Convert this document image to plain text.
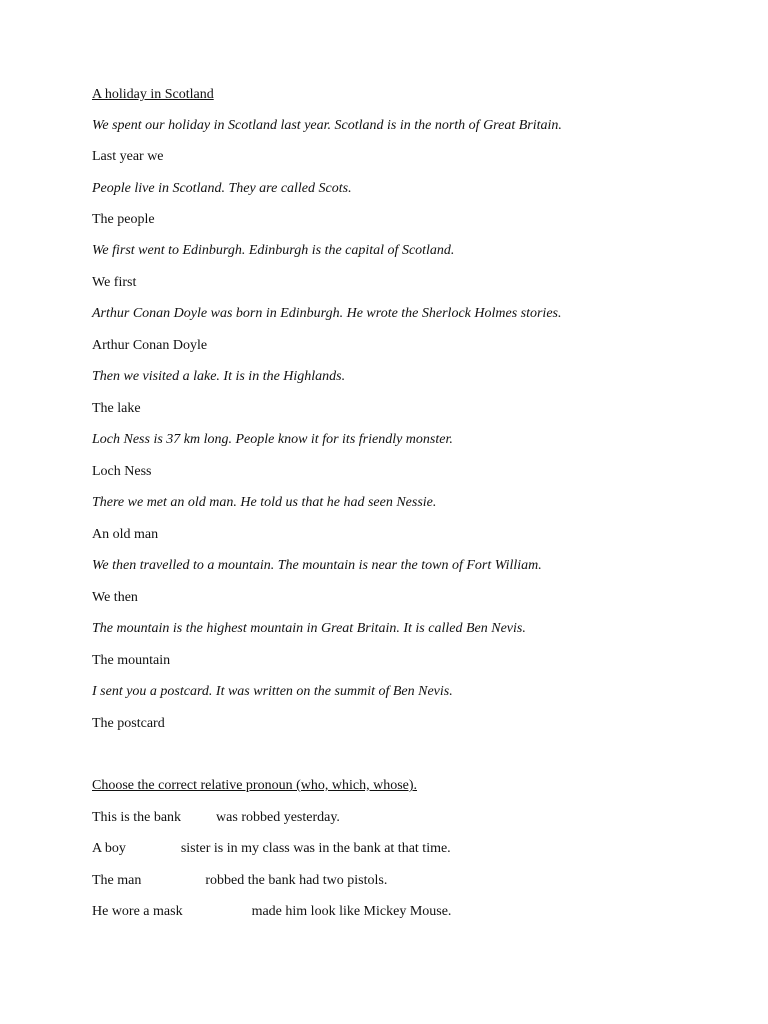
A holiday in Scotland
We spent our holiday in Scotland last year. Scotland is in the north of Great Britain.
Last year we
People live in Scotland. They are called Scots.
The people
We first went to Edinburgh. Edinburgh is the capital of Scotland.
We first
Arthur Conan Doyle was born in Edinburgh. He wrote the Sherlock Holmes stories.
Arthur Conan Doyle
Then we visited a lake. It is in the Highlands.
The lake
Loch Ness is 37 km long. People know it for its friendly monster.
Loch Ness
There we met an old man. He told us that he had seen Nessie.
An old man
We then travelled to a mountain. The mountain is near the town of Fort William.
We then
The mountain is the highest mountain in Great Britain. It is called Ben Nevis.
The mountain
I sent you a postcard. It was written on the summit of Ben Nevis.
The postcard
Choose the correct relative pronoun (who, which, whose).
This is the bank	was robbed yesterday.
A boy	sister is in my class was in the bank at that time.
The man	robbed the bank had two pistols.
He wore a mask	made him look like Mickey Mouse.
